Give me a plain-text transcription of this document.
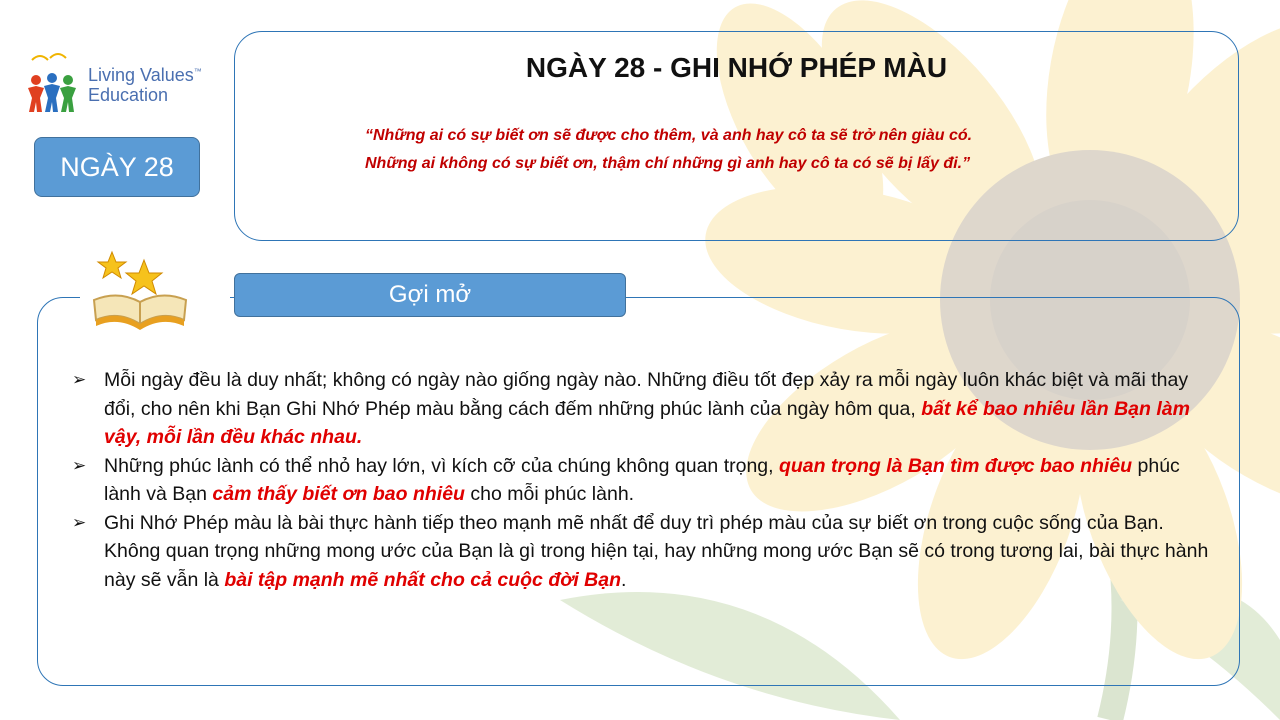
Living Values™
Education
NGÀY 28
NGÀY 28 - GHI NHỚ PHÉP MÀU
“Những ai có sự biết ơn sẽ được cho thêm, và anh hay cô ta sẽ trở nên giàu có.
Những ai không có sự biết ơn, thậm chí những gì anh hay cô ta có sẽ bị lấy đi.”
Gợi mở
➢ Mỗi ngày đều là duy nhất; không có ngày nào giống ngày nào. Những điều tốt đẹp xảy ra mỗi ngày luôn khác biệt và mãi thay đổi, cho nên khi Bạn Ghi Nhớ Phép màu bằng cách đếm những phúc lành của ngày hôm qua, bất kể bao nhiêu lần Bạn làm vậy, mỗi lần đều khác nhau.
➢ Những phúc lành có thể nhỏ hay lớn, vì kích cỡ của chúng không quan trọng, quan trọng là Bạn tìm được bao nhiêu phúc lành và Bạn cảm thấy biết ơn bao nhiêu cho mỗi phúc lành.
➢ Ghi Nhớ Phép màu là bài thực hành tiếp theo mạnh mẽ nhất để duy trì phép màu của sự biết ơn trong cuộc sống của Bạn. Không quan trọng những mong ước của Bạn là gì trong hiện tại, hay những mong ước Bạn sẽ có trong tương lai, bài thực hành này sẽ vẫn là bài tập mạnh mẽ nhất cho cả cuộc đời Bạn.
